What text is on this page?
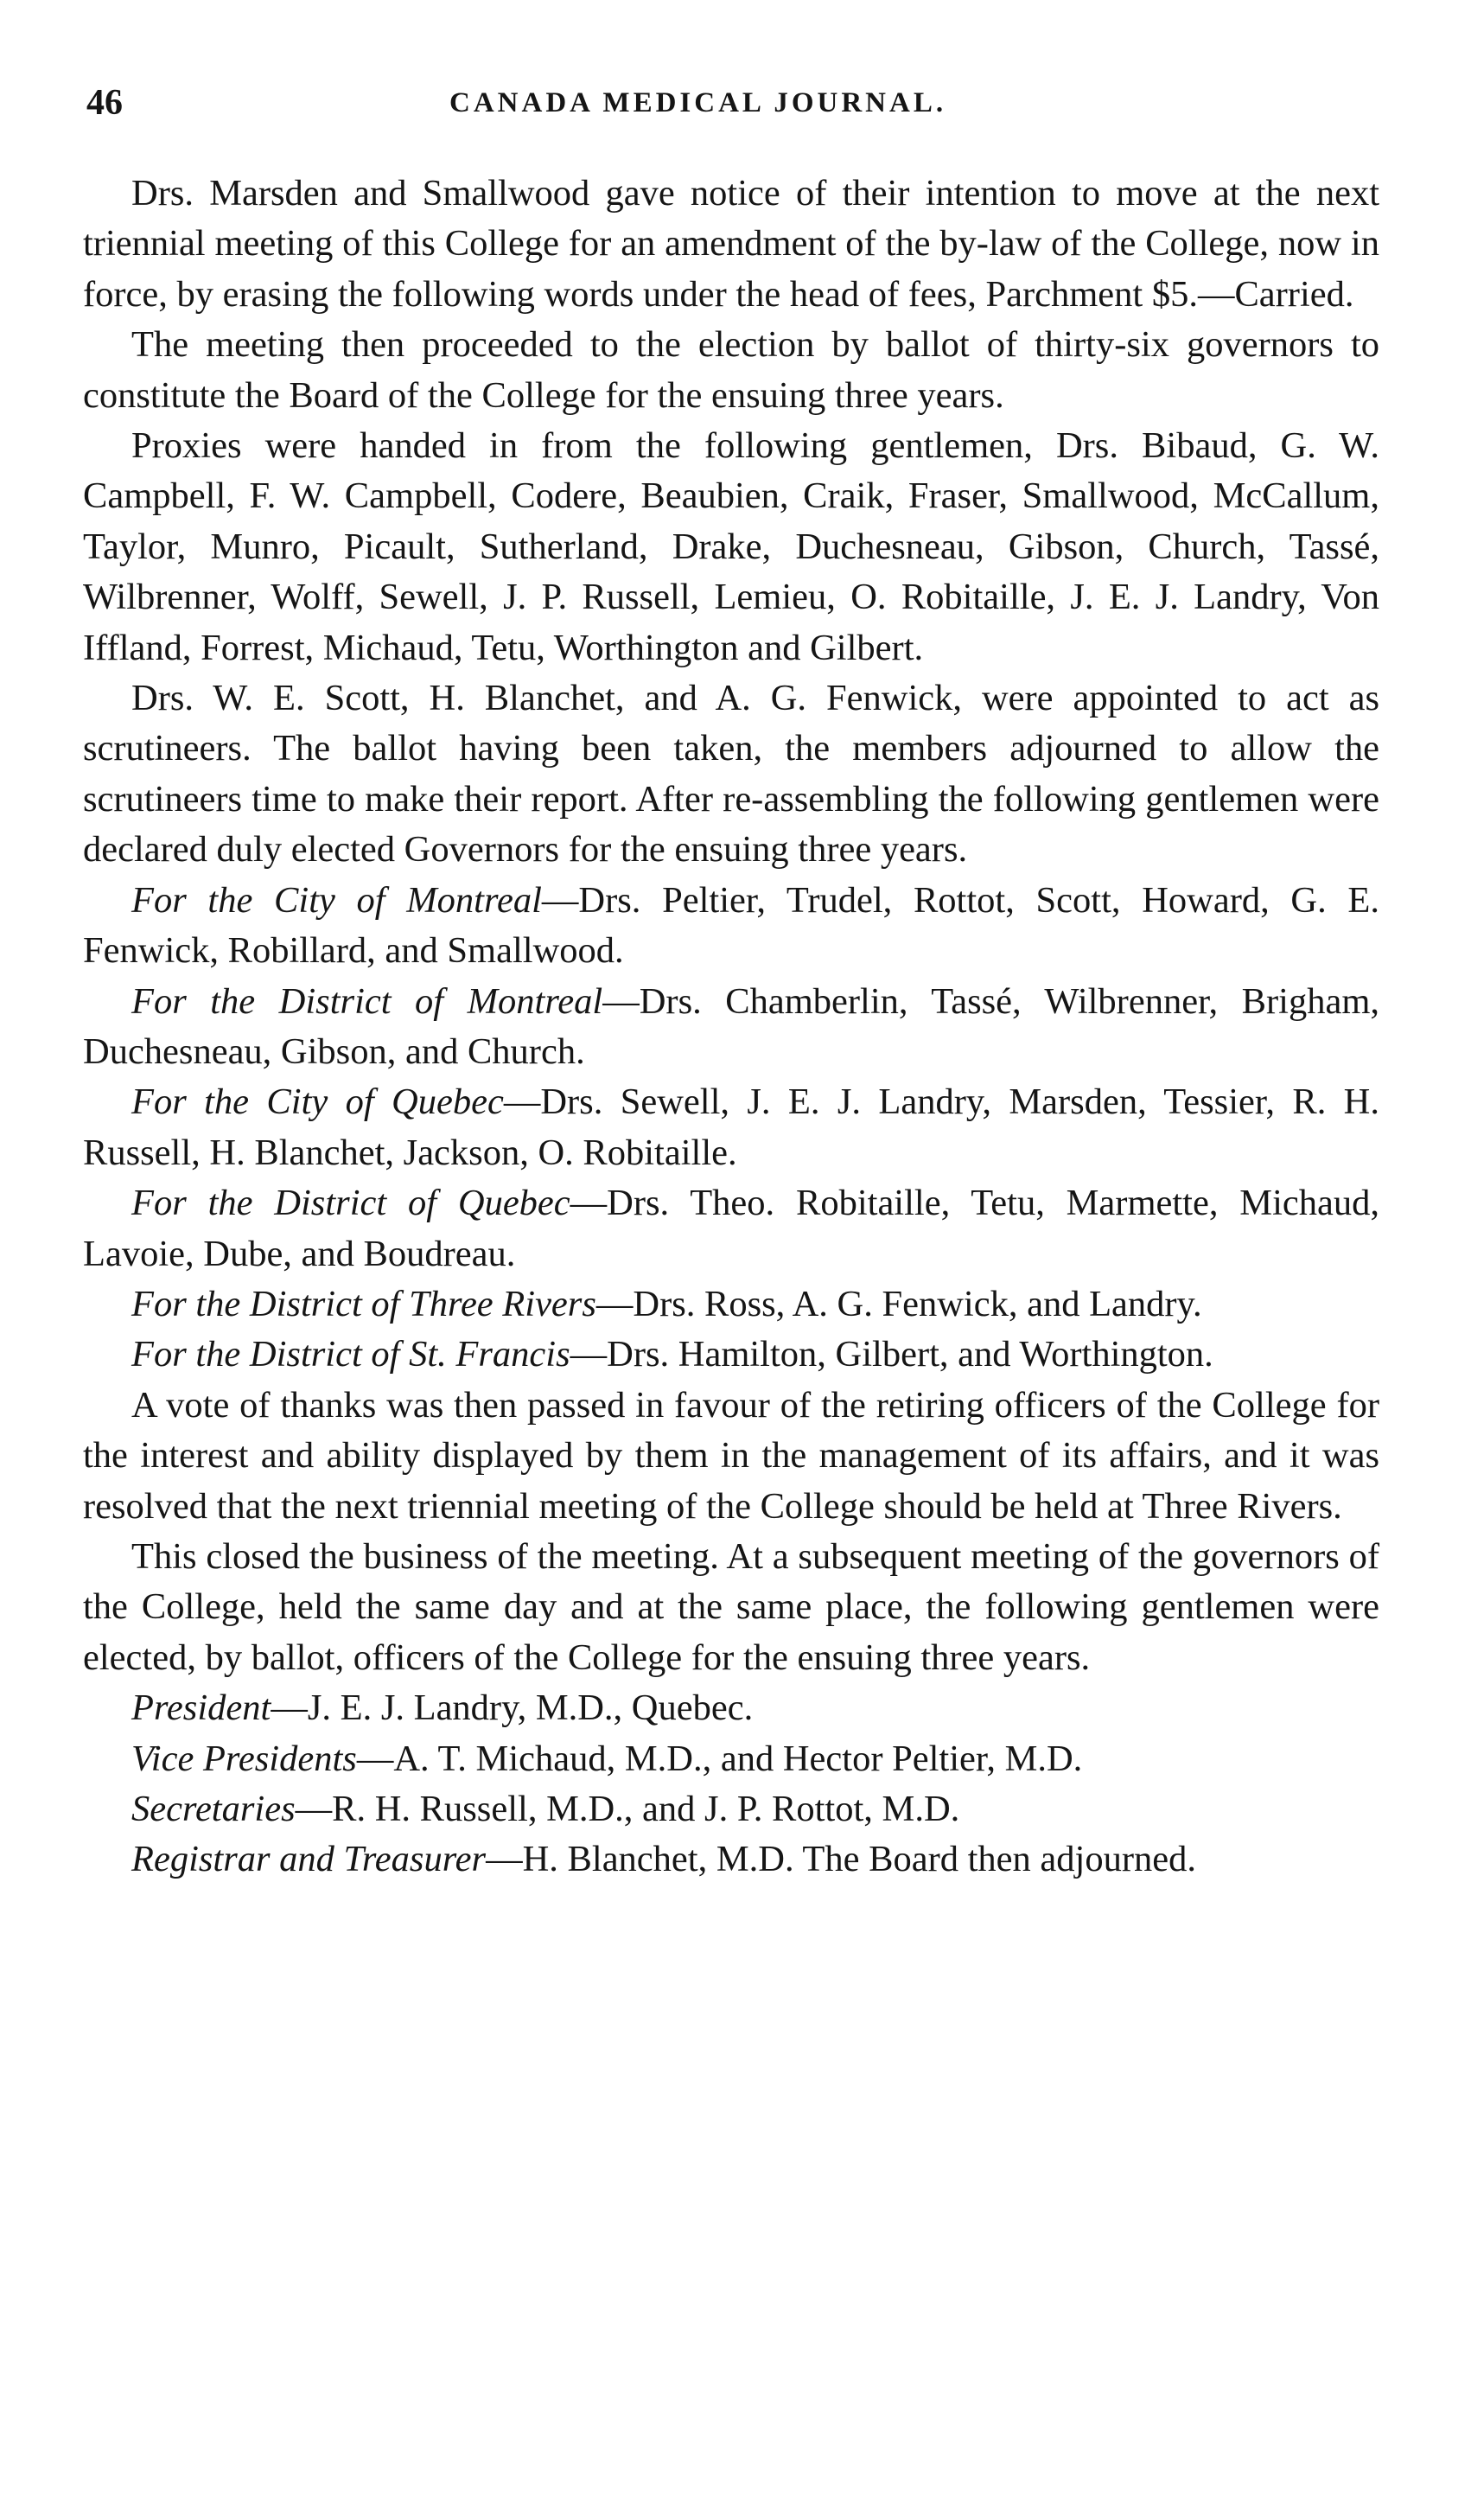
46	CANADA MEDICAL JOURNAL.

Drs. Marsden and Smallwood gave notice of their intention to move at the next triennial meeting of this College for an amendment of the by-law of the College, now in force, by erasing the following words under the head of fees, Parchment $5.—Carried.

The meeting then proceeded to the election by ballot of thirty-six governors to constitute the Board of the College for the ensuing three years.

Proxies were handed in from the following gentlemen, Drs. Bibaud, G. W. Campbell, F. W. Campbell, Codere, Beaubien, Craik, Fraser, Smallwood, McCallum, Taylor, Munro, Picault, Sutherland, Drake, Duchesneau, Gibson, Church, Tassé, Wilbrenner, Wolff, Sewell, J. P. Russell, Lemieu, O. Robitaille, J. E. J. Landry, Von Iffland, Forrest, Michaud, Tetu, Worthington and Gilbert.

Drs. W. E. Scott, H. Blanchet, and A. G. Fenwick, were appointed to act as scrutineers. The ballot having been taken, the members adjourned to allow the scrutineers time to make their report. After re-assembling the following gentlemen were declared duly elected Governors for the ensuing three years.

For the City of Montreal—Drs. Peltier, Trudel, Rottot, Scott, Howard, G. E. Fenwick, Robillard, and Smallwood.

For the District of Montreal—Drs. Chamberlin, Tassé, Wilbrenner, Brigham, Duchesneau, Gibson, and Church.

For the City of Quebec—Drs. Sewell, J. E. J. Landry, Marsden, Tessier, R. H. Russell, H. Blanchet, Jackson, O. Robitaille.

For the District of Quebec—Drs. Theo. Robitaille, Tetu, Marmette, Michaud, Lavoie, Dube, and Boudreau.

For the District of Three Rivers—Drs. Ross, A. G. Fenwick, and Landry.

For the District of St. Francis—Drs. Hamilton, Gilbert, and Worthington.

A vote of thanks was then passed in favour of the retiring officers of the College for the interest and ability displayed by them in the management of its affairs, and it was resolved that the next triennial meeting of the College should be held at Three Rivers.

This closed the business of the meeting. At a subsequent meeting of the governors of the College, held the same day and at the same place, the following gentlemen were elected, by ballot, officers of the College for the ensuing three years.

President—J. E. J. Landry, M.D., Quebec.

Vice Presidents—A. T. Michaud, M.D., and Hector Peltier, M.D.

Secretaries—R. H. Russell, M.D., and J. P. Rottot, M.D.

Registrar and Treasurer—H. Blanchet, M.D. The Board then adjourned.
